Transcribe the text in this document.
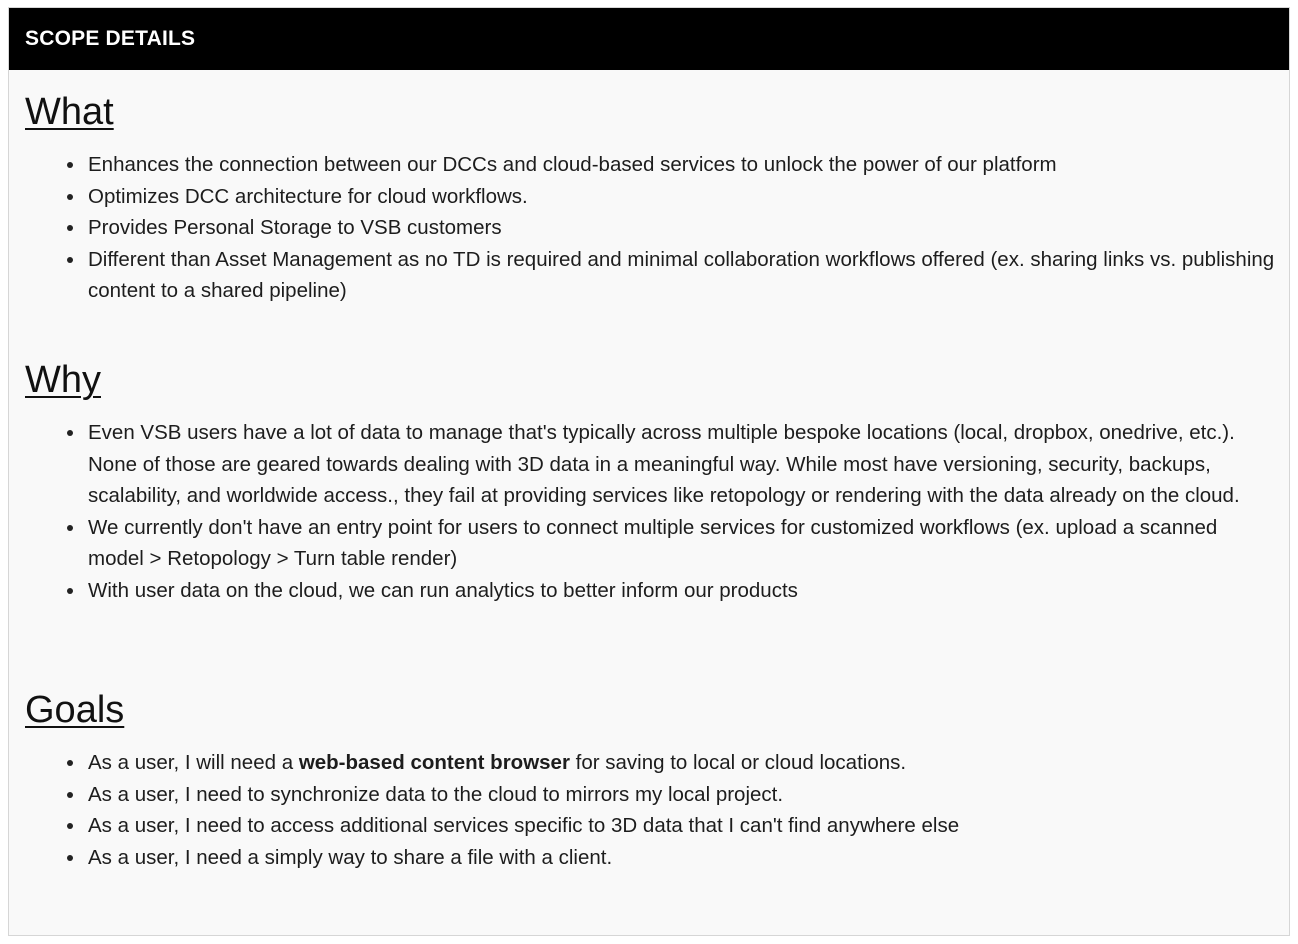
SCOPE DETAILS
What
Enhances the connection between our DCCs and cloud-based services to unlock the power of our platform
Optimizes DCC architecture for cloud workflows.
Provides Personal Storage to VSB customers
Different than Asset Management as no TD is required and minimal collaboration workflows offered (ex. sharing links vs. publishing content to a shared pipeline)
Why
Even VSB users have a lot of data to manage that's typically across multiple bespoke locations (local, dropbox, onedrive, etc.). None of those are geared towards dealing with 3D data in a meaningful way. While most have versioning, security, backups, scalability, and worldwide access., they fail at providing services like retopology or rendering with the data already on the cloud.
We currently don't have an entry point for users to connect multiple services for customized workflows (ex. upload a scanned model > Retopology > Turn table render)
With user data on the cloud, we can run analytics to better inform our products
Goals
As a user, I will need a web-based content browser for saving to local or cloud locations.
As a user, I need to synchronize data to the cloud to mirrors my local project.
As a user, I need to access additional services specific to 3D data that I can't find anywhere else
As a user, I need a simply way to share a file with a client.
